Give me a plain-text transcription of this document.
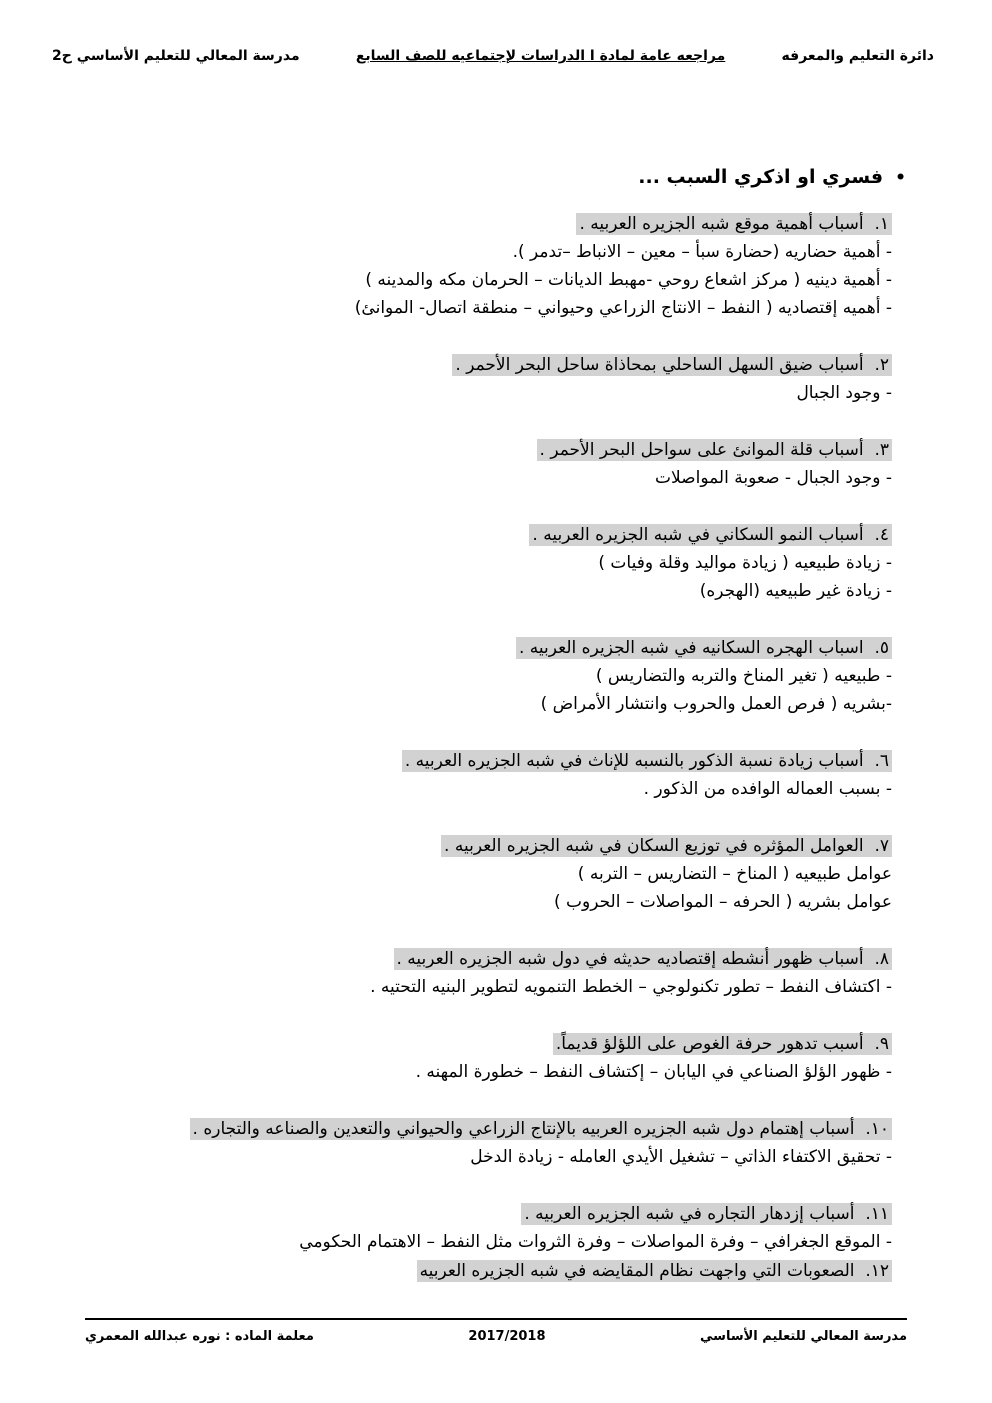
دائرة التعليم والمعرفه
مراجعه عامة لمادة ا الدراسات لإجتماعيه للصف السابع
مدرسة المعالي للتعليم الأساسي ح2
•فسري او اذكري السبب ...
١.  أسباب أهمية موقع شبه الجزيره العربيه .
- أهمية حضاريه (حضارة سبأ – معين – الانباط –تدمر ).
- أهمية دينيه ( مركز اشعاع روحي -مهبط الديانات – الحرمان مكه والمدينه )
- أهميه إقتصاديه ( النفط – الانتاج الزراعي وحيواني – منطقة اتصال- الموانئ)
٢.  أسباب ضيق السهل الساحلي بمحاذاة ساحل البحر الأحمر .
- وجود الجبال
٣.  أسباب قلة الموانئ على سواحل البحر الأحمر .
- وجود الجبال - صعوبة المواصلات
٤.  أسباب النمو السكاني في شبه الجزيره العربيه .
- زيادة طبيعيه ( زيادة مواليد وقلة وفيات )
- زيادة غير طبيعيه (الهجره)
٥.  اسباب الهجره السكانيه في شبه الجزيره العربيه .
- طبيعيه ( تغير المناخ والتربه والتضاريس )
-بشريه ( فرص العمل والحروب وانتشار الأمراض )
٦.  أسباب زيادة نسبة الذكور بالنسبه للإناث في شبه الجزيره العربيه .
- بسبب العماله الوافده من الذكور .
٧.  العوامل المؤثره في توزيع السكان في شبه الجزيره العربيه .
عوامل طبيعيه ( المناخ – التضاريس – التربه )
عوامل بشريه ( الحرفه – المواصلات – الحروب )
٨.  أسباب ظهور أنشطه إقتصاديه حديثه في دول شبه الجزيره العربيه .
- اكتشاف النفط – تطور تكنولوجي – الخطط التنمويه لتطوير البنيه التحتيه .
٩.  أسبب تدهور حرفة الغوص على اللؤلؤ قديماً.
- ظهور الؤلؤ الصناعي في اليابان – إكتشاف النفط – خطورة المهنه .
١٠.  أسباب إهتمام دول شبه الجزيره العربيه بالإنتاج الزراعي والحيواني والتعدين والصناعه والتجاره .
- تحقيق الاكتفاء الذاتي – تشغيل الأيدي العامله - زيادة الدخل
١١.  أسباب إزدهار التجاره في شبه الجزيره العربيه .
- الموقع الجغرافي – وفرة المواصلات – وفرة الثروات مثل النفط – الاهتمام الحكومي
١٢.  الصعوبات التي واجهت نظام المقايضه في شبه الجزيره العربيه
مدرسة المعالي للتعليم الأساسي
2017/2018
معلمة الماده : نوره عبدالله المعمري
